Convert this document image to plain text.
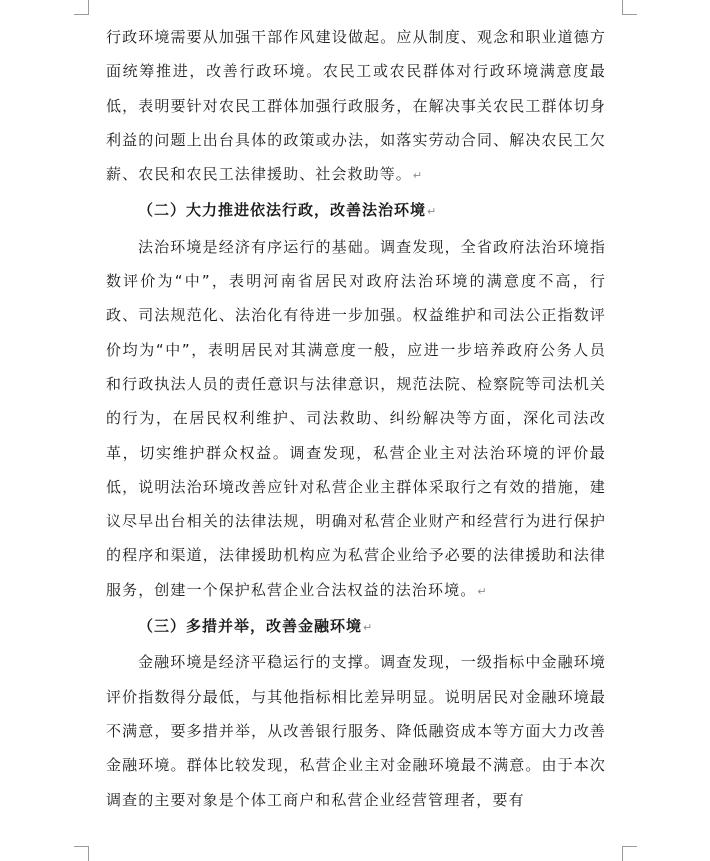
行政环境需要从加强干部作风建设做起。应从制度、观念和职业道德方面统筹推进，改善行政环境。农民工或农民群体对行政环境满意度最低，表明要针对农民工群体加强行政服务，在解决事关农民工群体切身利益的问题上出台具体的政策或办法，如落实劳动合同、解决农民工欠薪、农民和农民工法律援助、社会救助等。↵

（二）大力推进依法行政，改善法治环境↵

法治环境是经济有序运行的基础。调查发现，全省政府法治环境指数评价为“中”，表明河南省居民对政府法治环境的满意度不高，行政、司法规范化、法治化有待进一步加强。权益维护和司法公正指数评价均为“中”，表明居民对其满意度一般，应进一步培养政府公务人员和行政执法人员的责任意识与法律意识，规范法院、检察院等司法机关的行为，在居民权利维护、司法救助、纠纷解决等方面，深化司法改革，切实维护群众权益。调查发现，私营企业主对法治环境的评价最低，说明法治环境改善应针对私营企业主群体采取行之有效的措施，建议尽早出台相关的法律法规，明确对私营企业财产和经营行为进行保护的程序和渠道，法律援助机构应为私营企业给予必要的法律援助和法律服务，创建一个保护私营企业合法权益的法治环境。↵

（三）多措并举，改善金融环境↵

金融环境是经济平稳运行的支撑。调查发现，一级指标中金融环境评价指数得分最低，与其他指标相比差异明显。说明居民对金融环境最不满意，要多措并举，从改善银行服务、降低融资成本等方面大力改善金融环境。群体比较发现，私营企业主对金融环境最不满意。由于本次调查的主要对象是个体工商户和私营企业经营管理者，要有
